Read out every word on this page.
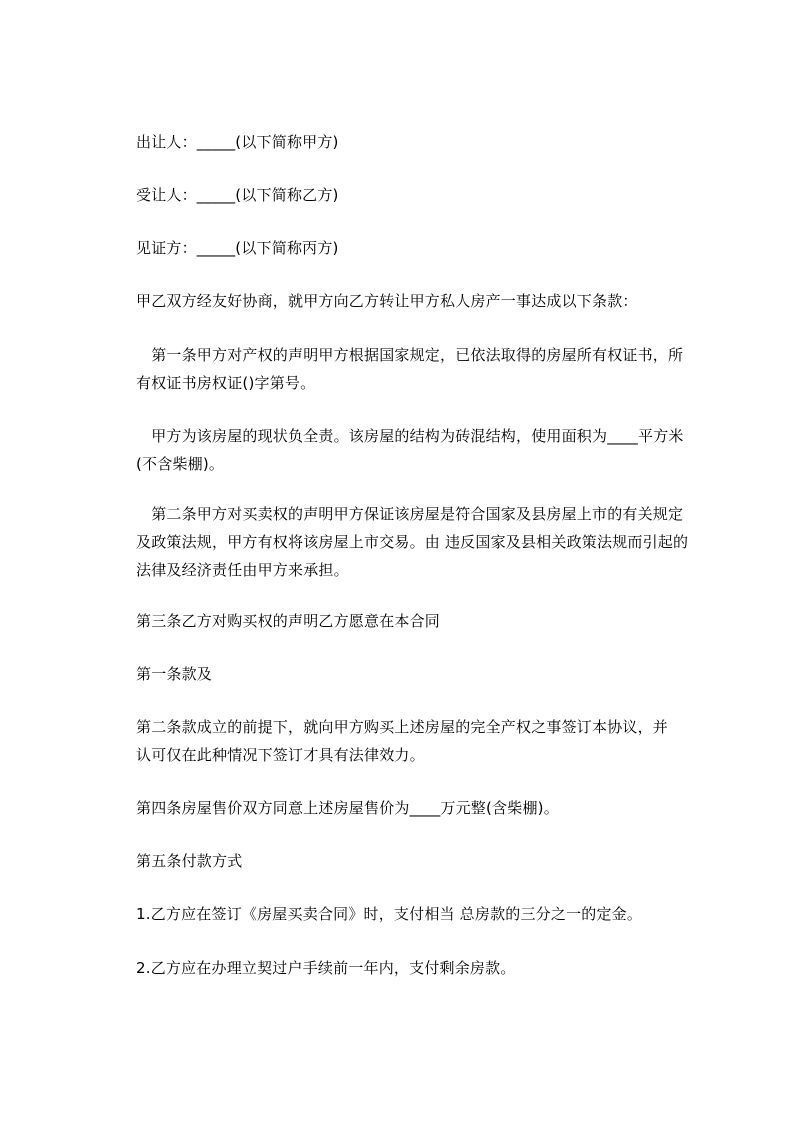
出让人：_____(以下简称甲方)

受让人：_____(以下简称乙方)

见证方：_____(以下简称丙方)

甲乙双方经友好协商，就甲方向乙方转让甲方私人房产一事达成以下条款：

　第一条甲方对产权的声明甲方根据国家规定，已依法取得的房屋所有权证书，所
有权证书房权证()字第号。

　甲方为该房屋的现状负全责。该房屋的结构为砖混结构，使用面积为____平方米
(不含柴棚)。

　第二条甲方对买卖权的声明甲方保证该房屋是符合国家及县房屋上市的有关规定
及政策法规，甲方有权将该房屋上市交易。由 违反国家及县相关政策法规而引起的
法律及经济责任由甲方来承担。

第三条乙方对购买权的声明乙方愿意在本合同

第一条款及

第二条款成立的前提下，就向甲方购买上述房屋的完全产权之事签订本协议，并
认可仅在此种情况下签订才具有法律效力。

第四条房屋售价双方同意上述房屋售价为____万元整(含柴棚)。

第五条付款方式

1.乙方应在签订《房屋买卖合同》时，支付相当 总房款的三分之一的定金。

2.乙方应在办理立契过户手续前一年内，支付剩余房款。
